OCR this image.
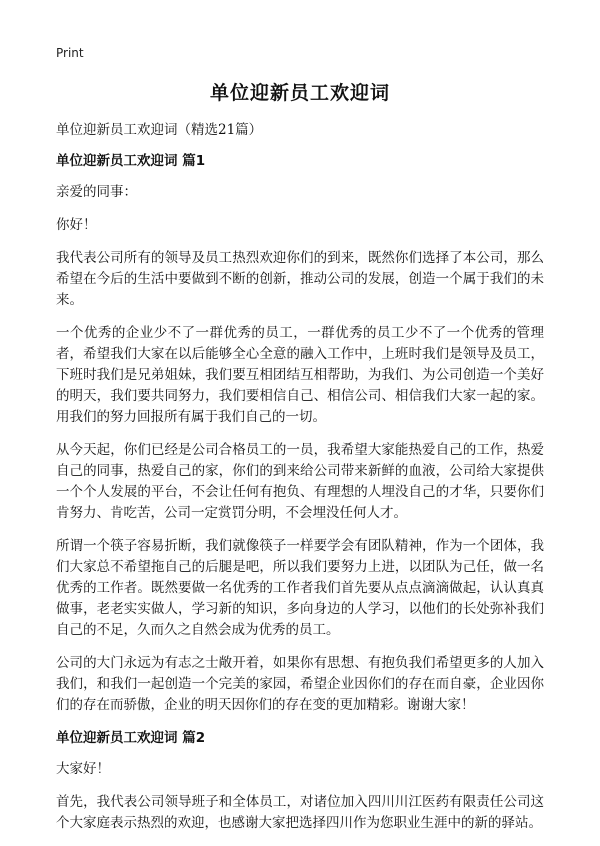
Print
单位迎新员工欢迎词

单位迎新员工欢迎词（精选21篇）

单位迎新员工欢迎词 篇1

亲爱的同事：

你好！

我代表公司所有的领导及员工热烈欢迎你们的到来，既然你们选择了本公司，那么希望在今后的生活中要做到不断的创新，推动公司的发展，创造一个属于我们的未来。

一个优秀的企业少不了一群优秀的员工，一群优秀的员工少不了一个优秀的管理者，希望我们大家在以后能够全心全意的融入工作中，上班时我们是领导及员工，下班时我们是兄弟姐妹，我们要互相团结互相帮助，为我们、为公司创造一个美好的明天，我们要共同努力，我们要相信自己、相信公司、相信我们大家一起的家。用我们的努力回报所有属于我们自己的一切。

从今天起，你们已经是公司合格员工的一员，我希望大家能热爱自己的工作，热爱自己的同事，热爱自己的家，你们的到来给公司带来新鲜的血液，公司给大家提供一个个人发展的平台，不会让任何有抱负、有理想的人埋没自己的才华，只要你们肯努力、肯吃苦，公司一定赏罚分明，不会埋没任何人才。

所谓一个筷子容易折断，我们就像筷子一样要学会有团队精神，作为一个团体，我们大家总不希望拖自己的后腿是吧，所以我们要努力上进，以团队为己任，做一名优秀的工作者。既然要做一名优秀的工作者我们首先要从点点滴滴做起，认认真真做事，老老实实做人，学习新的知识，多向身边的人学习，以他们的长处弥补我们自己的不足，久而久之自然会成为优秀的员工。

公司的大门永远为有志之士敞开着，如果你有思想、有抱负我们希望更多的人加入我们，和我们一起创造一个完美的家园，希望企业因你们的存在而自豪，企业因你们的存在而骄傲，企业的明天因你们的存在变的更加精彩。谢谢大家！

单位迎新员工欢迎词 篇2

大家好！

首先，我代表公司领导班子和全体员工，对诸位加入四川川江医药有限责任公司这个大家庭表示热烈的欢迎，也感谢大家把选择四川作为您职业生涯中的新的驿站。
